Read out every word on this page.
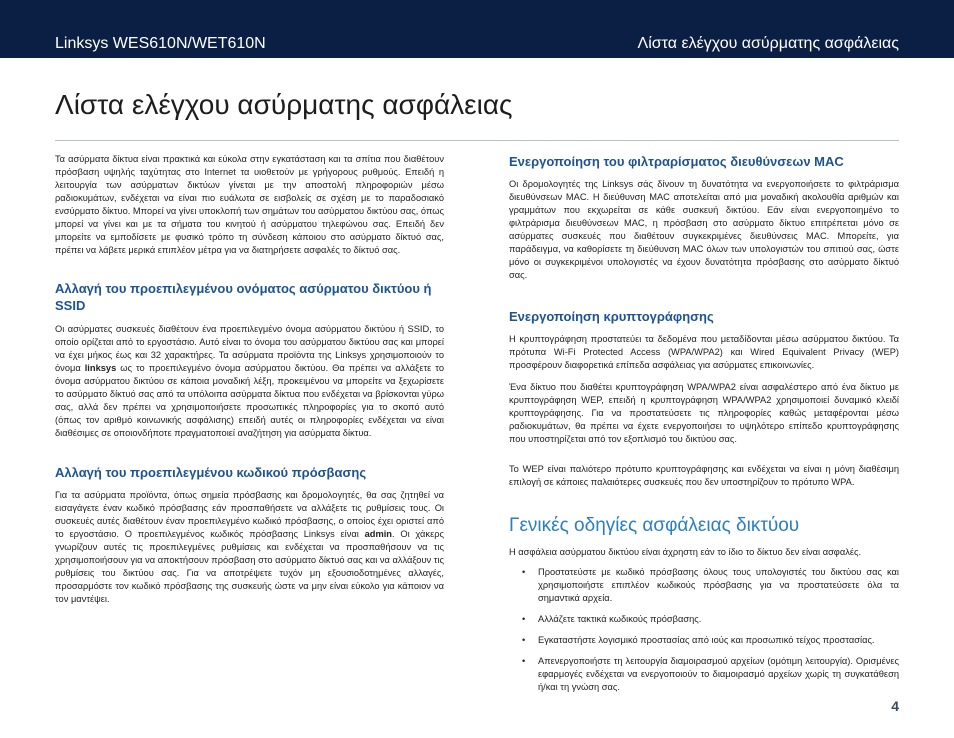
Linksys WES610N/WET610N	Λίστα ελέγχου ασύρματης ασφάλειας
Λίστα ελέγχου ασύρματης ασφάλειας

Τα ασύρματα δίκτυα είναι πρακτικά και εύκολα στην εγκατάσταση και τα σπίτια που διαθέτουν πρόσβαση υψηλής ταχύτητας στο Internet τα υιοθετούν με γρήγορους ρυθμούς. Επειδή η λειτουργία των ασύρματων δικτύων γίνεται με την αποστολή πληροφοριών μέσω ραδιοκυμάτων, ενδέχεται να είναι πιο ευάλωτα σε εισβολείς σε σχέση με το παραδοσιακό ενσύρματο δίκτυο. Μπορεί να γίνει υποκλοπή των σημάτων του ασύρματου δικτύου σας, όπως μπορεί να γίνει και με τα σήματα του κινητού ή ασύρματου τηλεφώνου σας. Επειδή δεν μπορείτε να εμποδίσετε με φυσικό τρόπο τη σύνδεση κάποιου στο ασύρματο δίκτυό σας, πρέπει να λάβετε μερικά επιπλέον μέτρα για να διατηρήσετε ασφαλές το δίκτυό σας.

Αλλαγή του προεπιλεγμένου ονόματος ασύρματου δικτύου ή SSID

Οι ασύρματες συσκευές διαθέτουν ένα προεπιλεγμένο όνομα ασύρματου δικτύου ή SSID, το οποίο ορίζεται από το εργοστάσιο. Αυτό είναι το όνομα του ασύρματου δικτύου σας και μπορεί να έχει μήκος έως και 32 χαρακτήρες. Τα ασύρματα προϊόντα της Linksys χρησιμοποιούν το όνομα linksys ως το προεπιλεγμένο όνομα ασύρματου δικτύου. Θα πρέπει να αλλάξετε το όνομα ασύρματου δικτύου σε κάποια μοναδική λέξη, προκειμένου να μπορείτε να ξεχωρίσετε το ασύρματο δίκτυό σας από τα υπόλοιπα ασύρματα δίκτυα που ενδέχεται να βρίσκονται γύρω σας, αλλά δεν πρέπει να χρησιμοποιήσετε προσωπικές πληροφορίες για το σκοπό αυτό (όπως τον αριθμό κοινωνικής ασφάλισης) επειδή αυτές οι πληροφορίες ενδέχεται να είναι διαθέσιμες σε οποιονδήποτε πραγματοποιεί αναζήτηση για ασύρματα δίκτυα.

Αλλαγή του προεπιλεγμένου κωδικού πρόσβασης

Για τα ασύρματα προϊόντα, όπως σημεία πρόσβασης και δρομολογητές, θα σας ζητηθεί να εισαγάγετε έναν κωδικό πρόσβασης εάν προσπαθήσετε να αλλάξετε τις ρυθμίσεις τους. Οι συσκευές αυτές διαθέτουν έναν προεπιλεγμένο κωδικό πρόσβασης, ο οποίος έχει οριστεί από το εργοστάσιο. Ο προεπιλεγμένος κωδικός πρόσβασης Linksys είναι admin. Οι χάκερς γνωρίζουν αυτές τις προεπιλεγμένες ρυθμίσεις και ενδέχεται να προσπαθήσουν να τις χρησιμοποιήσουν για να αποκτήσουν πρόσβαση στο ασύρματο δίκτυό σας και να αλλάξουν τις ρυθμίσεις του δικτύου σας. Για να αποτρέψετε τυχόν μη εξουσιοδοτημένες αλλαγές, προσαρμόστε τον κωδικό πρόσβασης της συσκευής ώστε να μην είναι εύκολο για κάποιον να τον μαντέψει.

Ενεργοποίηση του φιλτραρίσματος διευθύνσεων MAC

Οι δρομολογητές της Linksys σάς δίνουν τη δυνατότητα να ενεργοποιήσετε το φιλτράρισμα διευθύνσεων MAC. Η διεύθυνση MAC αποτελείται από μια μοναδική ακολουθία αριθμών και γραμμάτων που εκχωρείται σε κάθε συσκευή δικτύου. Εάν είναι ενεργοποιημένο το φιλτράρισμα διευθύνσεων MAC, η πρόσβαση στο ασύρματο δίκτυο επιτρέπεται μόνο σε ασύρματες συσκευές που διαθέτουν συγκεκριμένες διευθύνσεις MAC. Μπορείτε, για παράδειγμα, να καθορίσετε τη διεύθυνση MAC όλων των υπολογιστών του σπιτιού σας, ώστε μόνο οι συγκεκριμένοι υπολογιστές να έχουν δυνατότητα πρόσβασης στο ασύρματο δίκτυό σας.

Ενεργοποίηση κρυπτογράφησης

Η κρυπτογράφηση προστατεύει τα δεδομένα που μεταδίδονται μέσω ασύρματου δικτύου. Τα πρότυπα Wi-Fi Protected Access (WPA/WPA2) και Wired Equivalent Privacy (WEP) προσφέρουν διαφορετικά επίπεδα ασφάλειας για ασύρματες επικοινωνίες.

Ένα δίκτυο που διαθέτει κρυπτογράφηση WPA/WPA2 είναι ασφαλέστερο από ένα δίκτυο με κρυπτογράφηση WEP, επειδή η κρυπτογράφηση WPA/WPA2 χρησιμοποιεί δυναμικό κλειδί κρυπτογράφησης. Για να προστατεύσετε τις πληροφορίες καθώς μεταφέρονται μέσω ραδιοκυμάτων, θα πρέπει να έχετε ενεργοποιήσει το υψηλότερο επίπεδο κρυπτογράφησης που υποστηρίζεται από τον εξοπλισμό του δικτύου σας.

Το WEP είναι παλιότερο πρότυπο κρυπτογράφησης και ενδέχεται να είναι η μόνη διαθέσιμη επιλογή σε κάποιες παλαιότερες συσκευές που δεν υποστηρίζουν το πρότυπο WPA.

Γενικές οδηγίες ασφάλειας δικτύου

Η ασφάλεια ασύρματου δικτύου είναι άχρηστη εάν το ίδιο το δίκτυο δεν είναι ασφαλές.

• Προστατεύστε με κωδικό πρόσβασης όλους τους υπολογιστές του δικτύου σας και χρησιμοποιήστε επιπλέον κωδικούς πρόσβασης για να προστατεύσετε όλα τα σημαντικά αρχεία.
• Αλλάζετε τακτικά κωδικούς πρόσβασης.
• Εγκαταστήστε λογισμικό προστασίας από ιούς και προσωπικό τείχος προστασίας.
• Απενεργοποιήστε τη λειτουργία διαμοιρασμού αρχείων (ομότιμη λειτουργία). Ορισμένες εφαρμογές ενδέχεται να ενεργοποιούν το διαμοιρασμό αρχείων χωρίς τη συγκατάθεση ή/και τη γνώση σας.
4
